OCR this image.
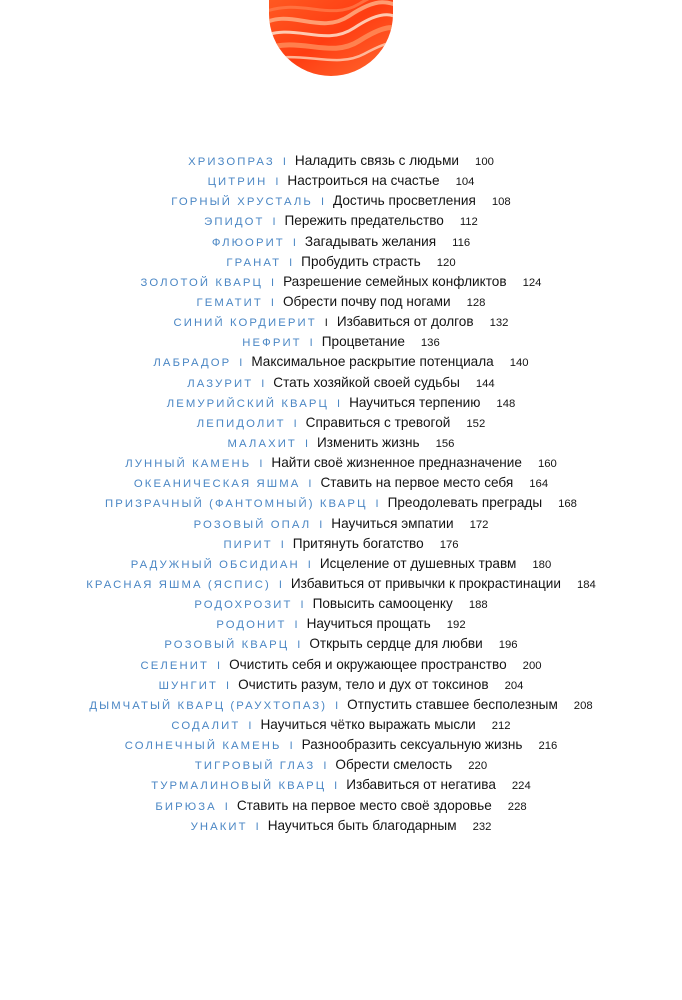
ХРИЗОПРАЗ I Наладить связь с людьми 100
ЦИТРИН I Настроиться на счастье 104
ГОРНЫЙ ХРУСТАЛЬ I Достичь просветления 108
ЭПИДОТ I Пережить предательство 112
ФЛЮОРИТ I Загадывать желания 116
ГРАНАТ I Пробудить страсть 120
ЗОЛОТОЙ КВАРЦ I Разрешение семейных конфликтов 124
ГЕМАТИТ I Обрести почву под ногами 128
СИНИЙ КОРДИЕРИТ I Избавиться от долгов 132
НЕФРИТ I Процветание 136
ЛАБРАДОР I Максимальное раскрытие потенциала 140
ЛАЗУРИТ I Стать хозяйкой своей судьбы 144
ЛЕМУРИЙСКИЙ КВАРЦ I Научиться терпению 148
ЛЕПИДОЛИТ I Справиться с тревогой 152
МАЛАХИТ I Изменить жизнь 156
ЛУННЫЙ КАМЕНЬ I Найти своё жизненное предназначение 160
ОКЕАНИЧЕСКАЯ ЯШМА I Ставить на первое место себя 164
ПРИЗРАЧНЫЙ (ФАНТОМНЫЙ) КВАРЦ I Преодолевать преграды 168
РОЗОВЫЙ ОПАЛ I Научиться эмпатии 172
ПИРИТ I Притянуть богатство 176
РАДУЖНЫЙ ОБСИДИАН I Исцеление от душевных травм 180
КРАСНАЯ ЯШМА (ЯСПИС) I Избавиться от привычки к прокрастинации 184
РОДОХРОЗИТ I Повысить самооценку 188
РОДОНИТ I Научиться прощать 192
РОЗОВЫЙ КВАРЦ I Открыть сердце для любви 196
СЕЛЕНИТ I Очистить себя и окружающее пространство 200
ШУНГИТ I Очистить разум, тело и дух от токсинов 204
ДЫМЧАТЫЙ КВАРЦ (РАУХТОПАЗ) I Отпустить ставшее бесполезным 208
СОДАЛИТ I Научиться чётко выражать мысли 212
СОЛНЕЧНЫЙ КАМЕНЬ I Разнообразить сексуальную жизнь 216
ТИГРОВЫЙ ГЛАЗ I Обрести смелость 220
ТУРМАЛИНОВЫЙ КВАРЦ I Избавиться от негатива 224
БИРЮЗА I Ставить на первое место своё здоровье 228
УНАКИТ I Научиться быть благодарным 232
